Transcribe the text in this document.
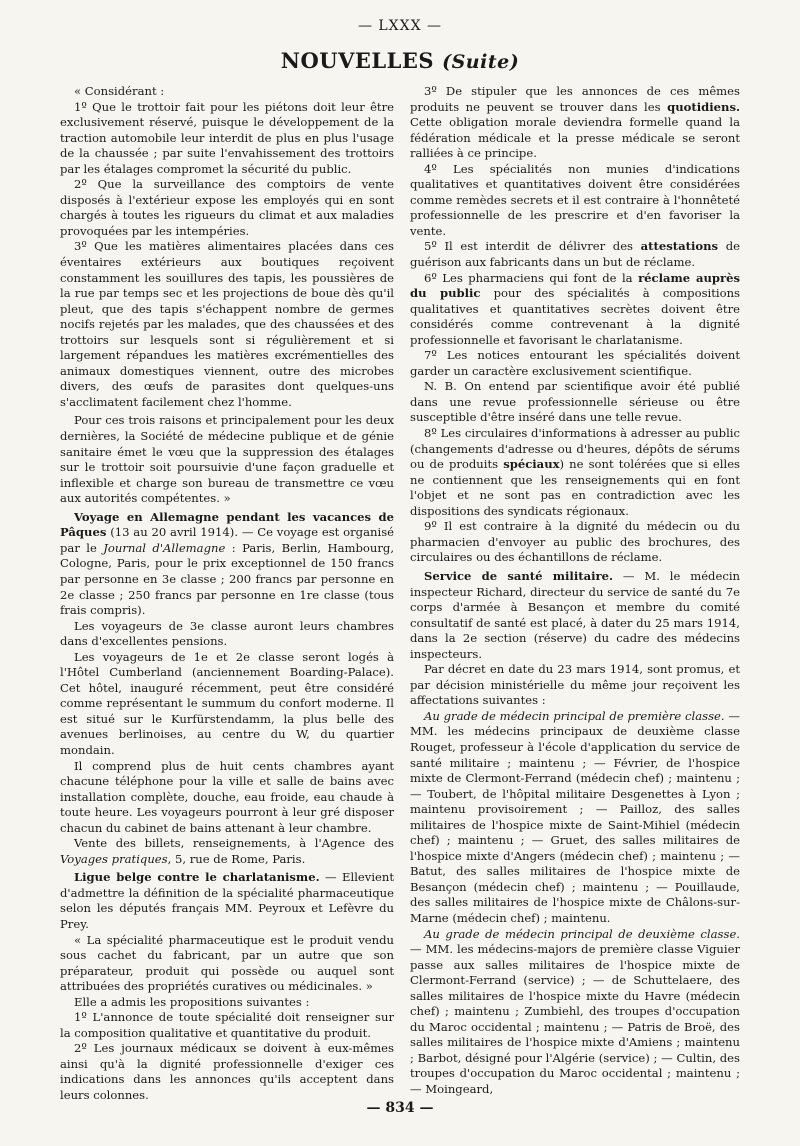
— LXXX —
NOUVELLES (Suite)

« Considérant :

1º Que le trottoir fait pour les piétons doit leur être exclusivement réservé, puisque le développement de la traction automobile leur interdit de plus en plus l'usage de la chaussée ; par suite l'envahissement des trottoirs par les étalages compromet la sécurité du public.

2º Que la surveillance des comptoirs de vente disposés à l'extérieur expose les employés qui en sont chargés à toutes les rigueurs du climat et aux maladies provoquées par les intempéries.

3º Que les matières alimentaires placées dans ces éventaires extérieurs aux boutiques reçoivent constamment les souillures des tapis, les poussières de la rue par temps sec et les projections de boue dès qu'il pleut, que des tapis s'échappent nombre de germes nocifs rejetés par les malades, que des chaussées et des trottoirs sur lesquels sont si régulièrement et si largement répandues les matières excrémentielles des animaux domestiques viennent, outre des microbes divers, des œufs de parasites dont quelques-uns s'acclimatent facilement chez l'homme.

Pour ces trois raisons et principalement pour les deux dernières, la Société de médecine publique et de génie sanitaire émet le vœu que la suppression des étalages sur le trottoir soit poursuivie d'une façon graduelle et inflexible et charge son bureau de transmettre ce vœu aux autorités compétentes. »

Voyage en Allemagne pendant les vacances de Pâques (13 au 20 avril 1914). — Ce voyage est organisé par le Journal d'Allemagne : Paris, Berlin, Hambourg, Cologne, Paris, pour le prix exceptionnel de 150 francs par personne en 3e classe ; 200 francs par personne en 2e classe ; 250 francs par personne en 1re classe (tous frais compris).

Les voyageurs de 3e classe auront leurs chambres dans d'excellentes pensions.

Les voyageurs de 1e et 2e classe seront logés à l'Hôtel Cumberland (anciennement Boarding-Palace). Cet hôtel, inauguré récemment, peut être considéré comme représentant le summum du confort moderne. Il est situé sur le Kurfürstendamm, la plus belle des avenues berlinoises, au centre du W, du quartier mondain.

Il comprend plus de huit cents chambres ayant chacune téléphone pour la ville et salle de bains avec installation complète, douche, eau froide, eau chaude à toute heure. Les voyageurs pourront à leur gré disposer chacun du cabinet de bains attenant à leur chambre.

Vente des billets, renseignements, à l'Agence des Voyages pratiques, 5, rue de Rome, Paris.

Ligue belge contre le charlatanisme. — Ellevient d'admettre la définition de la spécialité pharmaceutique selon les députés français MM. Peyroux et Lefèvre du Prey.

« La spécialité pharmaceutique est le produit vendu sous cachet du fabricant, par un autre que son préparateur, produit qui possède ou auquel sont attribuées des propriétés curatives ou médicinales. »

Elle a admis les propositions suivantes :

1º L'annonce de toute spécialité doit renseigner sur la composition qualitative et quantitative du produit.

2º Les journaux médicaux se doivent à eux-mêmes ainsi qu'à la dignité professionnelle d'exiger ces indications dans les annonces qu'ils acceptent dans leurs colonnes.

3º De stipuler que les annonces de ces mêmes produits ne peuvent se trouver dans les quotidiens. Cette obligation morale deviendra formelle quand la fédération médicale et la presse médicale se seront ralliées à ce principe.

4º Les spécialités non munies d'indications qualitatives et quantitatives doivent être considérées comme remèdes secrets et il est contraire à l'honnêteté professionnelle de les prescrire et d'en favoriser la vente.

5º Il est interdit de délivrer des attestations de guérison aux fabricants dans un but de réclame.

6º Les pharmaciens qui font de la réclame auprès du public pour des spécialités à compositions qualitatives et quantitatives secrètes doivent être considérés comme contrevenant à la dignité professionnelle et favorisant le charlatanisme.

7º Les notices entourant les spécialités doivent garder un caractère exclusivement scientifique.

N. B. On entend par scientifique avoir été publié dans une revue professionnelle sérieuse ou être susceptible d'être inséré dans une telle revue.

8º Les circulaires d'informations à adresser au public (changements d'adresse ou d'heures, dépôts de sérums ou de produits spéciaux) ne sont tolérées que si elles ne contiennent que les renseignements qui en font l'objet et ne sont pas en contradiction avec les dispositions des syndicats régionaux.

9º Il est contraire à la dignité du médecin ou du pharmacien d'envoyer au public des brochures, des circulaires ou des échantillons de réclame.

Service de santé militaire. — M. le médecin inspecteur Richard, directeur du service de santé du 7e corps d'armée à Besançon et membre du comité consultatif de santé est placé, à dater du 25 mars 1914, dans la 2e section (réserve) du cadre des médecins inspecteurs.

Par décret en date du 23 mars 1914, sont promus, et par décision ministérielle du même jour reçoivent les affectations suivantes :

Au grade de médecin principal de première classe. — MM. les médecins principaux de deuxième classe Rouget, professeur à l'école d'application du service de santé militaire ; maintenu ; — Février, de l'hospice mixte de Clermont-Ferrand (médecin chef) ; maintenu ; — Toubert, de l'hôpital militaire Desgenettes à Lyon ; maintenu provisoirement ; — Pailloz, des salles militaires de l'hospice mixte de Saint-Mihiel (médecin chef) ; maintenu ; — Gruet, des salles militaires de l'hospice mixte d'Angers (médecin chef) ; maintenu ; — Batut, des salles militaires de l'hospice mixte de Besançon (médecin chef) ; maintenu ; — Pouillaude, des salles militaires de l'hospice mixte de Châlons-sur-Marne (médecin chef) ; maintenu.

Au grade de médecin principal de deuxième classe. — MM. les médecins-majors de première classe Viguier passe aux salles militaires de l'hospice mixte de Clermont-Ferrand (service) ; — de Schuttelaere, des salles militaires de l'hospice mixte du Havre (médecin chef) ; maintenu ; Zumbiehl, des troupes d'occupation du Maroc occidental ; maintenu ; — Patris de Broë, des salles militaires de l'hospice mixte d'Amiens ; maintenu ; Barbot, désigné pour l'Algérie (service) ; — Cultin, des troupes d'occupation du Maroc occidental ; maintenu ; — Moingeard,

— 834 —
